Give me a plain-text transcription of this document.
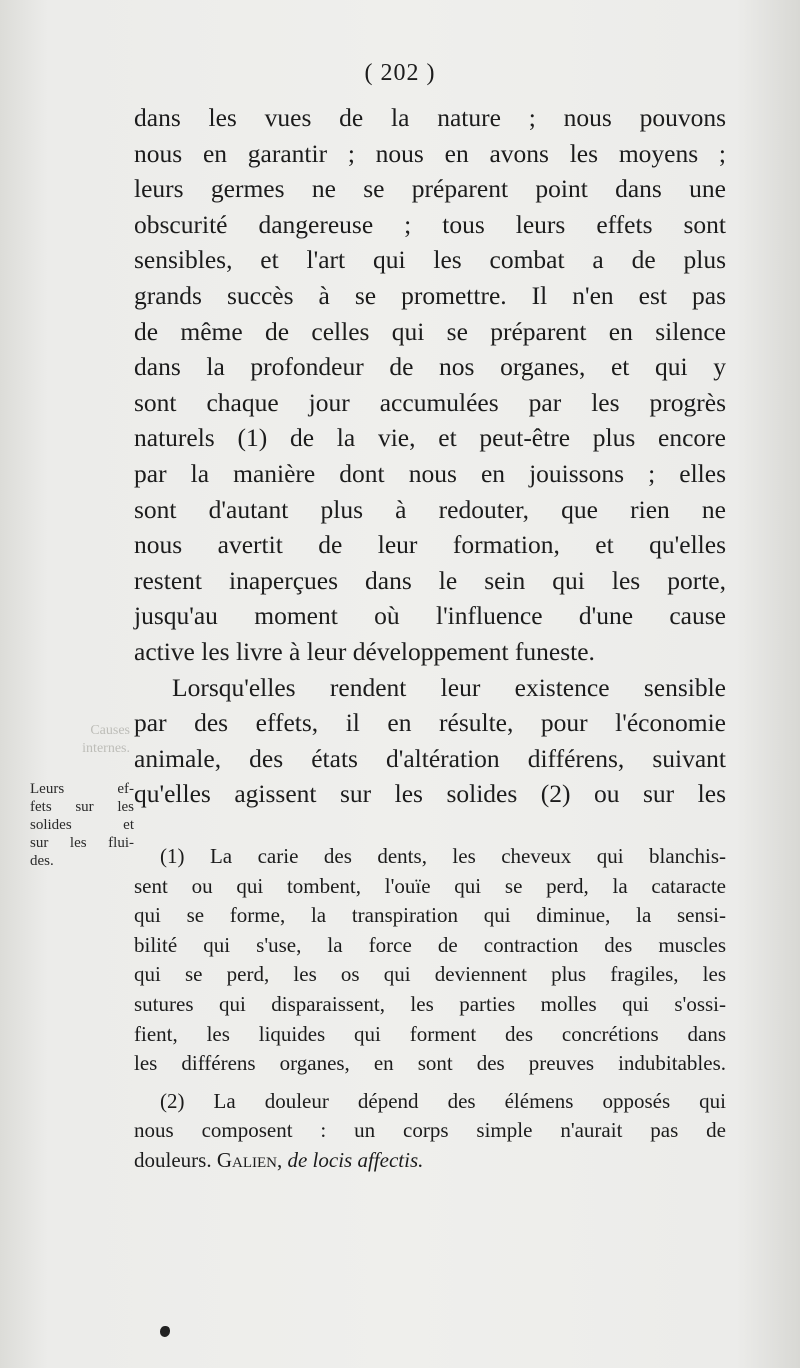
( 202 )
dans les vues de la nature ; nous pouvons
nous en garantir ; nous en avons les moyens ;
leurs germes ne se préparent point dans une
obscurité dangereuse ; tous leurs effets sont
sensibles, et l'art qui les combat a de plus
grands succès à se promettre. Il n'en est pas
de même de celles qui se préparent en silence
dans la profondeur de nos organes, et qui y
sont chaque jour accumulées par les progrès
naturels (1) de la vie, et peut-être plus encore
par la manière dont nous en jouissons ; elles
sont d'autant plus à redouter, que rien ne
nous avertit de leur formation, et qu'elles
restent inaperçues dans le sein qui les porte,
jusqu'au moment où l'influence d'une cause
active les livre à leur développement funeste.
Lorsqu'elles rendent leur existence sensible
par des effets, il en résulte, pour l'économie
animale, des états d'altération différens, suivant
qu'elles agissent sur les solides (2) ou sur les
Causes
internes.
Leurs ef-
fets sur les
solides et
sur les flui-
des.	(1) La carie des dents, les cheveux qui blanchis-
sent ou qui tombent, l'ouïe qui se perd, la cataracte
qui se forme, la transpiration qui diminue, la sensi-
bilité qui s'use, la force de contraction des muscles
qui se perd, les os qui deviennent plus fragiles, les
sutures qui disparaissent, les parties molles qui s'ossi-
fient, les liquides qui forment des concrétions dans
les différens organes, en sont des preuves indubitables.
(2) La douleur dépend des élémens opposés qui
nous composent : un corps simple n'aurait pas de
douleurs. Galien, de locis affectis.
